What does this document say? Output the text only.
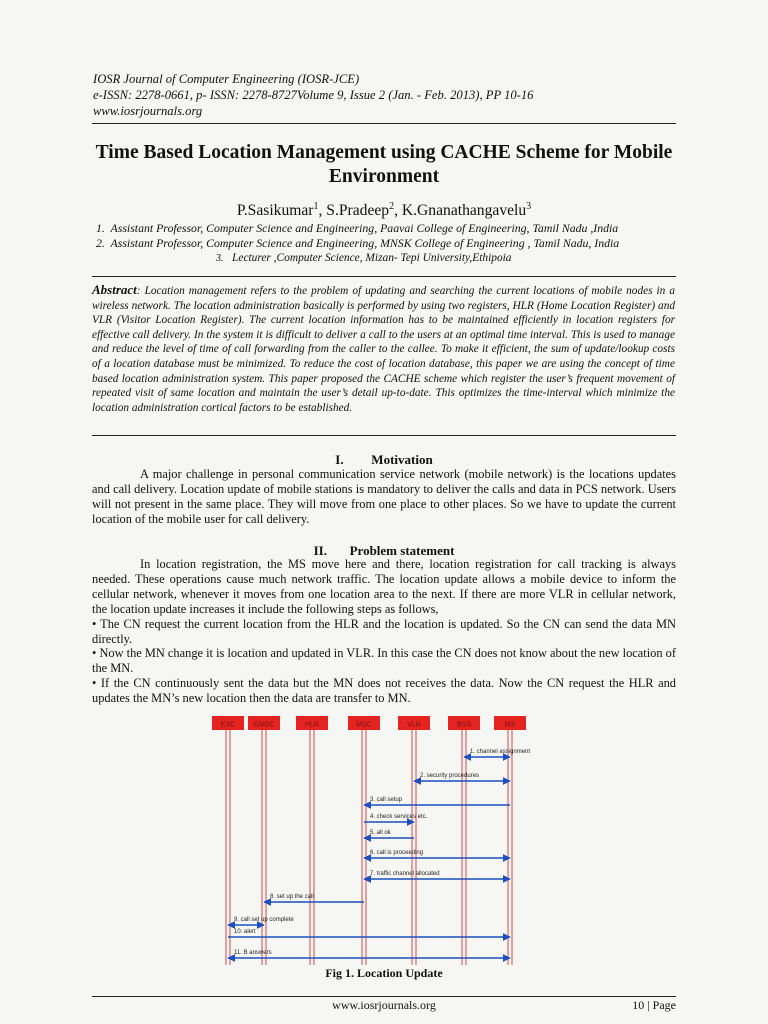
IOSR Journal of Computer Engineering (IOSR-JCE)
e-ISSN: 2278-0661, p- ISSN: 2278-8727Volume 9, Issue 2 (Jan. - Feb. 2013), PP 10-16
www.iosrjournals.org
Time Based Location Management using CACHE Scheme for Mobile Environment
P.Sasikumar$^1$, S.Pradeep$^2$, K.Gnanathangavelu$^3$
1. Assistant Professor, Computer Science and Engineering, Paavai College of Engineering, Tamil Nadu ,India
2. Assistant Professor, Computer Science and Engineering, MNSK College of Engineering , Tamil Nadu, India
3. Lecturer ,Computer Science, Mizan- Tepi University,Ethipoia
Abstract: Location management refers to the problem of updating and searching the current locations of mobile nodes in a wireless network. The location administration basically is performed by using two registers, HLR (Home Location Register) and VLR (Visitor Location Register). The current location information has to be maintained efficiently in location registers for effective call delivery. In the system it is difficult to deliver a call to the users at an optimal time interval. This is used to manage and reduce the level of time of call forwarding from the caller to the callee. To make it efficient, the sum of update/lookup costs of a location database must be minimized. To reduce the cost of location database, this paper we are using the concept of time based location administration system. This paper proposed the CACHE scheme which register the user’s frequent movement of repeated visit of same location and maintain the user’s detail up-to-date. This optimizes the time-interval which minimize the location administration cortical factors to be established.
I. Motivation
A major challenge in personal communication service network (mobile network) is the locations updates and call delivery. Location update of mobile stations is mandatory to deliver the calls and data in PCS network. Users will not present in the same place. They will move from one place to other places. So we have to update the current location of the mobile user for call delivery.
II. Problem statement
In location registration, the MS move here and there, location registration for call tracking is always needed. These operations cause much network traffic. The location update allows a mobile device to inform the cellular network, whenever it moves from one location area to the next. If there are more VLR in cellular network, the location update increases it include the following steps as follows,
• The CN request the current location from the HLR and the location is updated. So the CN can send the data MN directly.
• Now the MN change it is location and updated in VLR. In this case the CN does not know about the new location of the MN.
• If the CN continuously sent the data but the MN does not receives the data. Now the CN request the HLR and updates the MN’s new location then the data are transfer to MN.
EXC	GMSC	HLR	MSC	VLR	BSS	MS
1. channel assignment
2. security procedures
3. call setup
4. check services etc.
5. all ok
6. call is proceeding
7. traffic channel allocated
8. set up the call
9. call set up complete
10. alert
11. B answers
Fig 1. Location Update
www.iosrjournals.org	10 | Page
